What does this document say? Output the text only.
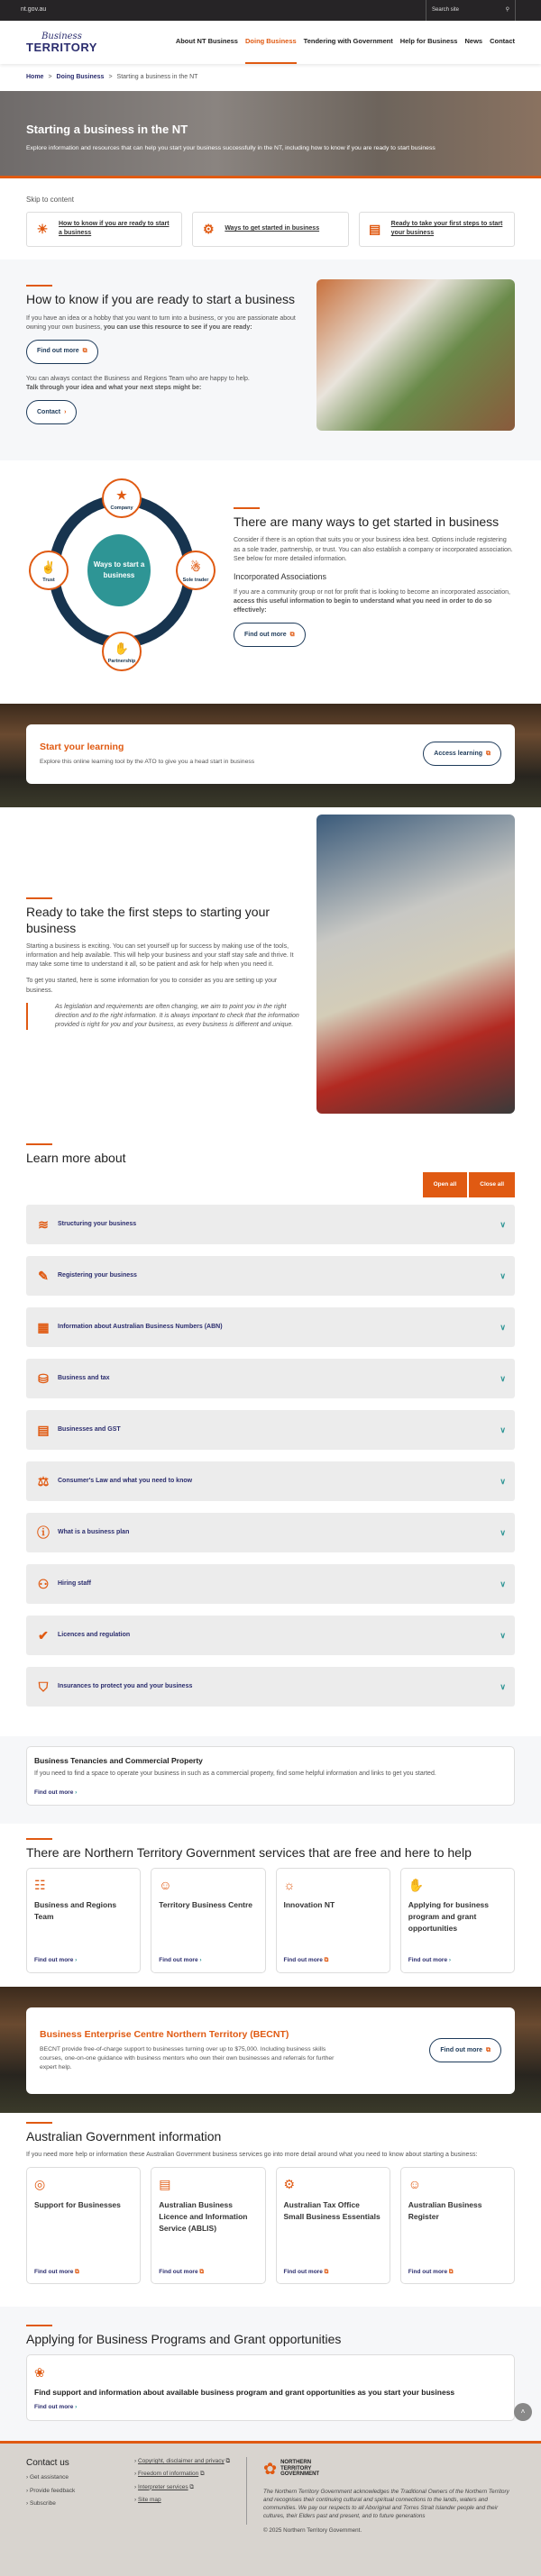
nt.gov.au	Search site	⚲
Business
TERRITORY	About NT Business Doing Business Tendering with Government Help for Business News Contact
Home > Doing Business > Starting a business in the NT
Starting a business in the NT

Explore information and resources that can help you start your business successfully in the NT, including how to know if you are ready to start business

Skip to content
☀	How to know if you are ready to start a business	⚙	Ways to get started in business	▤	Ready to take your first steps to start your business
How to know if you are ready to start a business

If you have an idea or a hobby that you want to turn into a business, or you are passionate about owning your own business, you can use this resource to see if you are ready:

Find out more ⧉

You can always contact the Business and Regions Team who are happy to help.
Talk through your idea and what your next steps might be:

Contact ›
Ways to start a business
★
Company
☃
Sole trader
✋
Partnership
✌
Trust
There are many ways to get started in business

Consider if there is an option that suits you or your business idea best. Options include registering as a sole trader, partnership, or trust. You can also establish a company or incorporated association. See below for more detailed information.

Incorporated Associations

If you are a community group or not for profit that is looking to become an incorporated association, access this useful information to begin to understand what you need in order to do so effectively:

Find out more ⧉
Start your learning
Explore this online learning tool by the ATO to give you a head start in business
Access learning ⧉
Ready to take the first steps to starting your business

Starting a business is exciting. You can set yourself up for success by making use of the tools, information and help available. This will help your business and your staff stay safe and thrive. It may take some time to understand it all, so be patient and ask for help when you need it.

To get you started, here is some information for you to consider as you are setting up your business.

As legislation and requirements are often changing, we aim to point you in the right direction and to the right information. It is always important to check that the information provided is right for you and your business, as every business is different and unique.
Learn more about
Open all	Close all
≋	Structuring your business	∨
✎	Registering your business	∨
▦	Information about Australian Business Numbers (ABN)	∨
⛁	Business and tax	∨
▤	Businesses and GST	∨
⚖	Consumer's Law and what you need to know	∨
ⓘ What is a business plan	∨
⚇	Hiring staff	∨
✔	Licences and regulation	∨
⛉	Insurances to protect you and your business	∨
Business Tenancies and Commercial Property

If you need to find a space to operate your business in such as a commercial property, find some helpful information and links to get you started.

Find out more ›
There are Northern Territory Government services that are free and here to help
☷
Business and Regions Team
Find out more ›
☺
Territory Business Centre
Find out more ›
☼
Innovation NT
Find out more ⧉
✋
Applying for business program and grant opportunities
Find out more ›
Business Enterprise Centre Northern Territory (BECNT)
BECNT provide free-of-charge support to businesses turning over up to $75,000. Including business skills courses, one-on-one guidance with business mentors who own their own businesses and referrals for further expert help.
Find out more ⧉
Australian Government information

If you need more help or information these Australian Government business services go into more detail around what you need to know about starting a business:

◎
Support for Businesses
Find out more ⧉
▤
Australian Business Licence and Information Service (ABLIS)
Find out more ⧉
⚙
Australian Tax Office Small Business Essentials
Find out more ⧉
☺
Australian Business Register
Find out more ⧉
Applying for Business Programs and Grant opportunities
❀
Find support and information about available business program and grant opportunities as you start your business
Find out more ›
˄
Contact us
› Get assistance
› Provide feedback
› Subscribe
› Copyright, disclaimer and privacy ⧉
› Freedom of information ⧉
› Interpreter services ⧉
› Site map
✿ NORTHERN TERRITORY GOVERNMENT

The Northern Territory Government acknowledges the Traditional Owners of the Northern Territory and recognises their continuing cultural and spiritual connections to the lands, waters and communities. We pay our respects to all Aboriginal and Torres Strait Islander people and their cultures, their Elders past and present, and to future generations

© 2025 Northern Territory Government.
